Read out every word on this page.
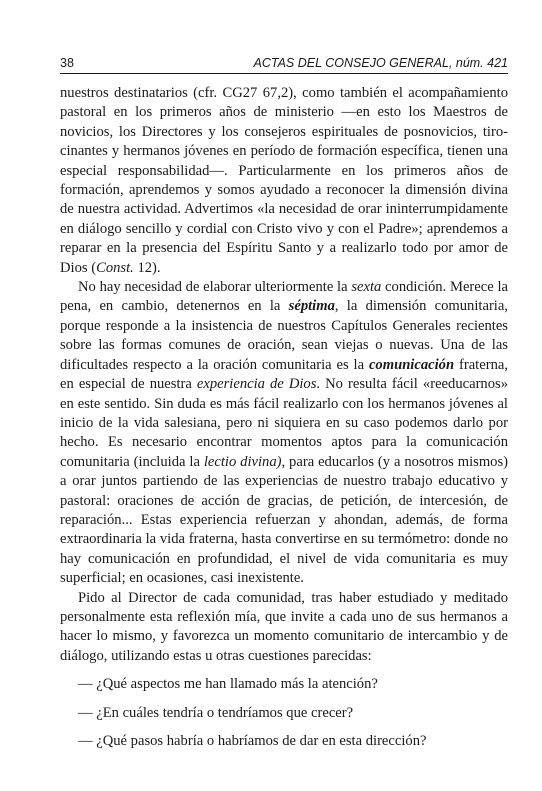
38	ACTAS DEL CONSEJO GENERAL, núm. 421

nuestros destinatarios (cfr. CG27 67,2), como también el acompañamiento pastoral en los primeros años de ministerio —en esto los Maestros de novicios, los Directores y los consejeros espirituales de posnovicios, tirocinantes y hermanos jóvenes en período de formación específica, tienen una especial responsabilidad—. Particularmente en los primeros años de formación, aprendemos y somos ayudado a reconocer la dimensión divina de nuestra actividad. Advertimos «la necesidad de orar ininterrumpidamente en diálogo sencillo y cordial con Cristo vivo y con el Padre»; aprendemos a reparar en la presencia del Espíritu Santo y a realizarlo todo por amor de Dios (Const. 12).

No hay necesidad de elaborar ulteriormente la sexta condición. Merece la pena, en cambio, detenernos en la séptima, la dimensión comunitaria, porque responde a la insistencia de nuestros Capítulos Generales recientes sobre las formas comunes de oración, sean viejas o nuevas. Una de las dificultades respecto a la oración comunitaria es la comunicación fraterna, en especial de nuestra experiencia de Dios. No resulta fácil «reeducarnos» en este sentido. Sin duda es más fácil realizarlo con los hermanos jóvenes al inicio de la vida salesiana, pero ni siquiera en su caso podemos darlo por hecho. Es necesario encontrar momentos aptos para la comunicación comunitaria (incluida la lectio divina), para educarlos (y a nosotros mismos) a orar juntos partiendo de las experiencias de nuestro trabajo educativo y pastoral: oraciones de acción de gracias, de petición, de intercesión, de reparación... Estas experiencia refuerzan y ahondan, además, de forma extraordinaria la vida fraterna, hasta convertirse en su termómetro: donde no hay comunicación en profundidad, el nivel de vida comunitaria es muy superficial; en ocasiones, casi inexistente.

Pido al Director de cada comunidad, tras haber estudiado y meditado personalmente esta reflexión mía, que invite a cada uno de sus hermanos a hacer lo mismo, y favorezca un momento comunitario de intercambio y de diálogo, utilizando estas u otras cuestiones parecidas:

— ¿Qué aspectos me han llamado más la atención?
— ¿En cuáles tendría o tendríamos que crecer?
— ¿Qué pasos habría o habríamos de dar en esta dirección?
